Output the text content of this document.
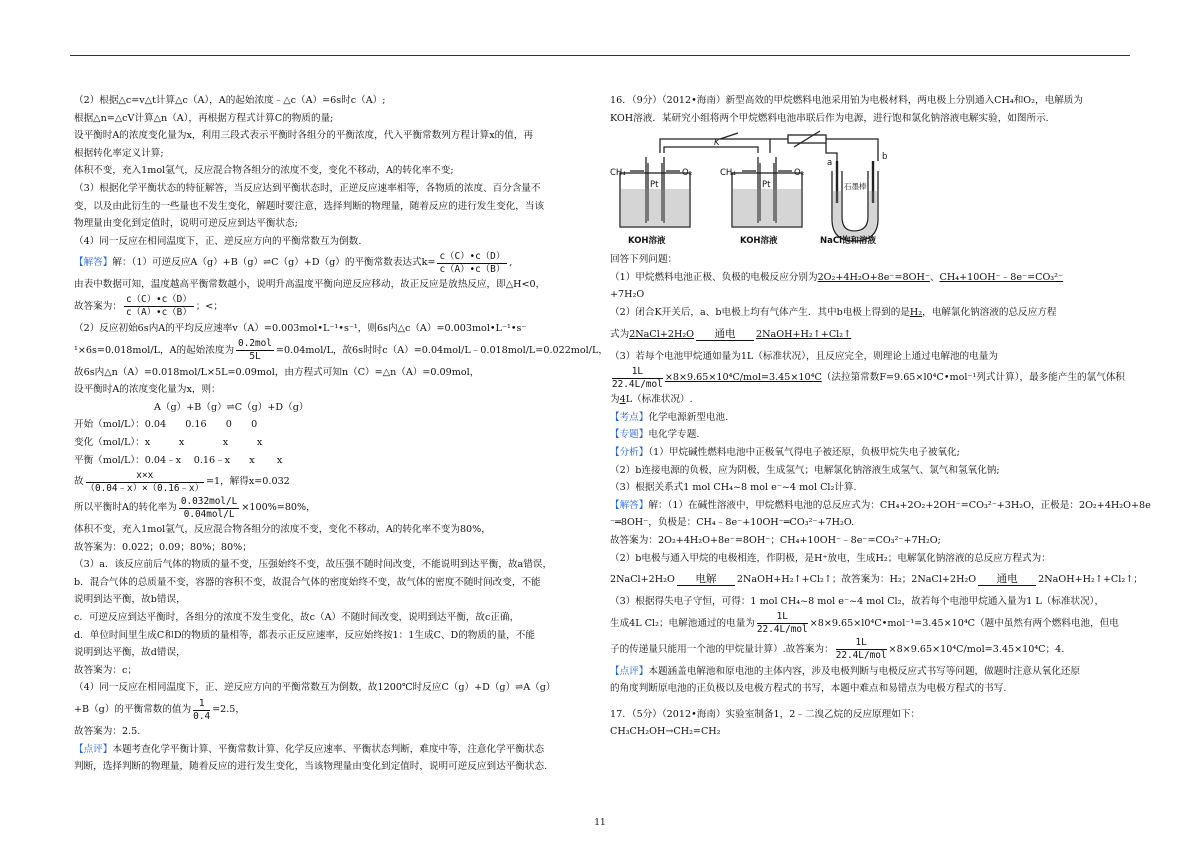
（2）根据△c=v△t计算△c（A），A的起始浓度﹣△c（A）=6s时c（A）;
根据△n=△cV计算△n（A），再根据方程式计算C的物质的量;
设平衡时A的浓度变化量为x，利用三段式表示平衡时各组分的平衡浓度，代入平衡常数列方程计算x的值，再
根据转化率定义计算;
体积不变，充入1mol氩气，反应混合物各组分的浓度不变，变化不移动，A的转化率不变;
（3）根据化学平衡状态的特征解答，当反应达到平衡状态时，正逆反应速率相等，各物质的浓度、百分含量不
变，以及由此衍生的一些量也不发生变化，解题时要注意，选择判断的物理量，随着反应的进行发生变化，当该
物理量由变化到定值时，说明可逆反应到达平衡状态;
（4）同一反应在相同温度下，正、逆反应方向的平衡常数互为倒数.
【解答】 解：（1）可逆反应A（g）+B（g）⇌C（g）+D（g）的平衡常数表达式$k= \frac{c(C)•c(D)}{c(A)•c(B)}$ ,
由表中数据可知，温度越高平衡常数越小，说明升高温度平衡向逆反应移动，故正反应是放热反应，即△H<0，
故答案为： $\frac{c(C)•c(D)}{c(A)•c(B)}$ ；<；
（2）反应初始6s内A的平均反应速率v（A）=0.003mol•L⁻¹•s⁻¹，则6s内△c（A）=0.003mol•L⁻¹•s⁻
¹×6s=0.018mol/L，A的起始浓度为 $\frac{\text{0.2mol}}{5L} =0.04mol/L$，故6s时时c（A）=0.04mol/L﹣0.018mol/L=0.022mol/L，
故6s内△n（A）=0.018mol/L×5L=0.09mol，由方程式可知n（C）=△n（A）=0.09mol，
设平衡时A的浓度变化量为x，则：
A（g）+B（g）⇌C（g）+D（g）
开始（mol/L）：0.04　　0.16　　0　　0
变化（mol/L）：x　　　x　　　　x　　　x
平衡（mol/L）：0.04﹣x　 0.16﹣x　　x　　 x
故 $\frac{x\times x}{(0.04﹣x)\times(0.16﹣x)} =1$，解得x=0.032
所以平衡时A的转化率为 $\frac{\text{0.032mol/L}}{\text{0.04mol/L}} \times 100\%=80\%$，
体积不变，充入1mol氩气，反应混合物各组分的浓度不变，变化不移动，A的转化率不变为80%，
故答案为：0.022；0.09；80%；80%；
（3）a．该反应前后气体的物质的量不变，压强始终不变，故压强不随时间改变，不能说明到达平衡，故a错误，
b．混合气体的总质量不变，容器的容积不变，故混合气体的密度始终不变，故气体的密度不随时间改变，不能
说明到达平衡，故b错误，
c．可逆反应到达平衡时，各组分的浓度不发生变化，故c（A）不随时间改变，说明到达平衡，故c正确，
d．单位时间里生成C和D的物质的量相等，都表示正反应速率，反应始终按1：1生成C、D的物质的量，不能
说明到达平衡，故d错误，
故答案为：c；
（4）同一反应在相同温度下，正、逆反应方向的平衡常数互为倒数，故1200℃时反应C（g）+D（g）⇌A（g）
+B（g）的平衡常数的值为 $\frac{1}{0.4} =2.5$，
故答案为：2.5.
【点评】本题考查化学平衡计算、平衡常数计算、化学反应速率、平衡状态判断，难度中等，注意化学平衡状态
判断，选择判断的物理量，随着反应的进行发生变化，当该物理量由变化到定值时，说明可逆反应到达平衡状态.
16．（9分）（2012•海南）新型高效的甲烷燃料电池采用铂为电极材料，两电极上分别通入CH₄和O₂，电解质为
KOH溶液．某研究小组将两个甲烷燃料电池串联后作为电源，进行饱和氯化钠溶液电解实验，如图所示．
CH₄	O₂
Pt
KOH溶液
CH₄	O₂
Pt
KOH溶液
K
a
b
石墨棒
NaCl饱和溶液
回答下列问题：
（1）甲烷燃料电池正极、负极的电极反应分别为2O₂+4H₂O+8e⁻=8OH⁻、CH₄+10OH⁻﹣8e⁻=CO₃²⁻
+7H₂O
（2）闭合K开关后，a、b电极上均有气体产生．其中b电极上得到的是H₂，电解氯化钠溶液的总反应方程
式为 2NaCl+2H₂O	通电	2NaOH+H₂↑+Cl₂↑
（3）若每个电池甲烷通如量为1L（标准状况），且反应完全，则理论上通过电解池的电量为
$\frac{1L}{\text{22.4L/mol}} \times 8\times 9.65\times 10^4C/mol=3.45\times 10^4C$ （法拉第常数F=9.65×l0⁴C•mol⁻¹列式计算），最多能产生的氯气体积
为4L（标准状况）.
【考点】化学电源新型电池.
【专题】电化学专题.
【分析】（1）甲烷碱性燃料电池中正极氧气得电子被还原，负极甲烷失电子被氧化;
（2）b连接电源的负极，应为阴极，生成氢气；电解氯化钠溶液生成氢气、氯气和氢氧化钠;
（3）根据关系式1 mol CH₄~8 mol e⁻~4 mol Cl₂计算.
【解答】解：（1）在碱性溶液中，甲烷燃料电池的总反应式为：CH₄+2O₂+2OH⁻=CO₃²⁻+3H₂O，正极是：2O₂+4H₂O+8e
⁻═8OH⁻，负极是：CH₄﹣8e⁻+10OH⁻═CO₃²⁻+7H₂O.
故答案为：2O₂+4H₂O+8e⁻=8OH⁻；CH₄+10OH⁻﹣8e⁻=CO₃²⁻+7H₂O;
（2）b电极与通入甲烷的电极相连，作阴极，是H⁺放电，生成H₂；电解氯化钠溶液的总反应方程式为：
2NaCl+2H₂O	电解	2NaOH+H₂↑+Cl₂↑；故答案为：H₂；2NaCl+2H₂O	通电	2NaOH+H₂↑+Cl₂↑；
（3）根据得失电子守恒，可得：1 mol CH₄~8 mol e⁻~4 mol Cl₂，故若每个电池甲烷通入量为1 L（标准状况），
生成4L Cl₂；电解池通过的电量为 $\frac{1L}{\text{22.4L/mol}}$ ×8×9.65×l0⁴C•mol⁻¹=3.45×10⁴C（题中虽然有两个燃料电池，但电
子的传递量只能用一个池的甲烷量计算）.故答案为： $\frac{1L}{\text{22.4L/mol}} \times 8\times 9.65\times 10^4C/mol=3.45\times 10^4C$；4.
【点评】本题涵盖电解池和原电池的主体内容，涉及电极判断与电极反应式书写等问题，做题时注意从氧化还原
的角度判断原电池的正负极以及电极方程式的书写，本题中难点和易错点为电极方程式的书写.
17．（5分）（2012•海南）实验室制备1，2﹣二溴乙烷的反应原理如下：
CH₃CH₂OH→CH₂=CH₂
11
